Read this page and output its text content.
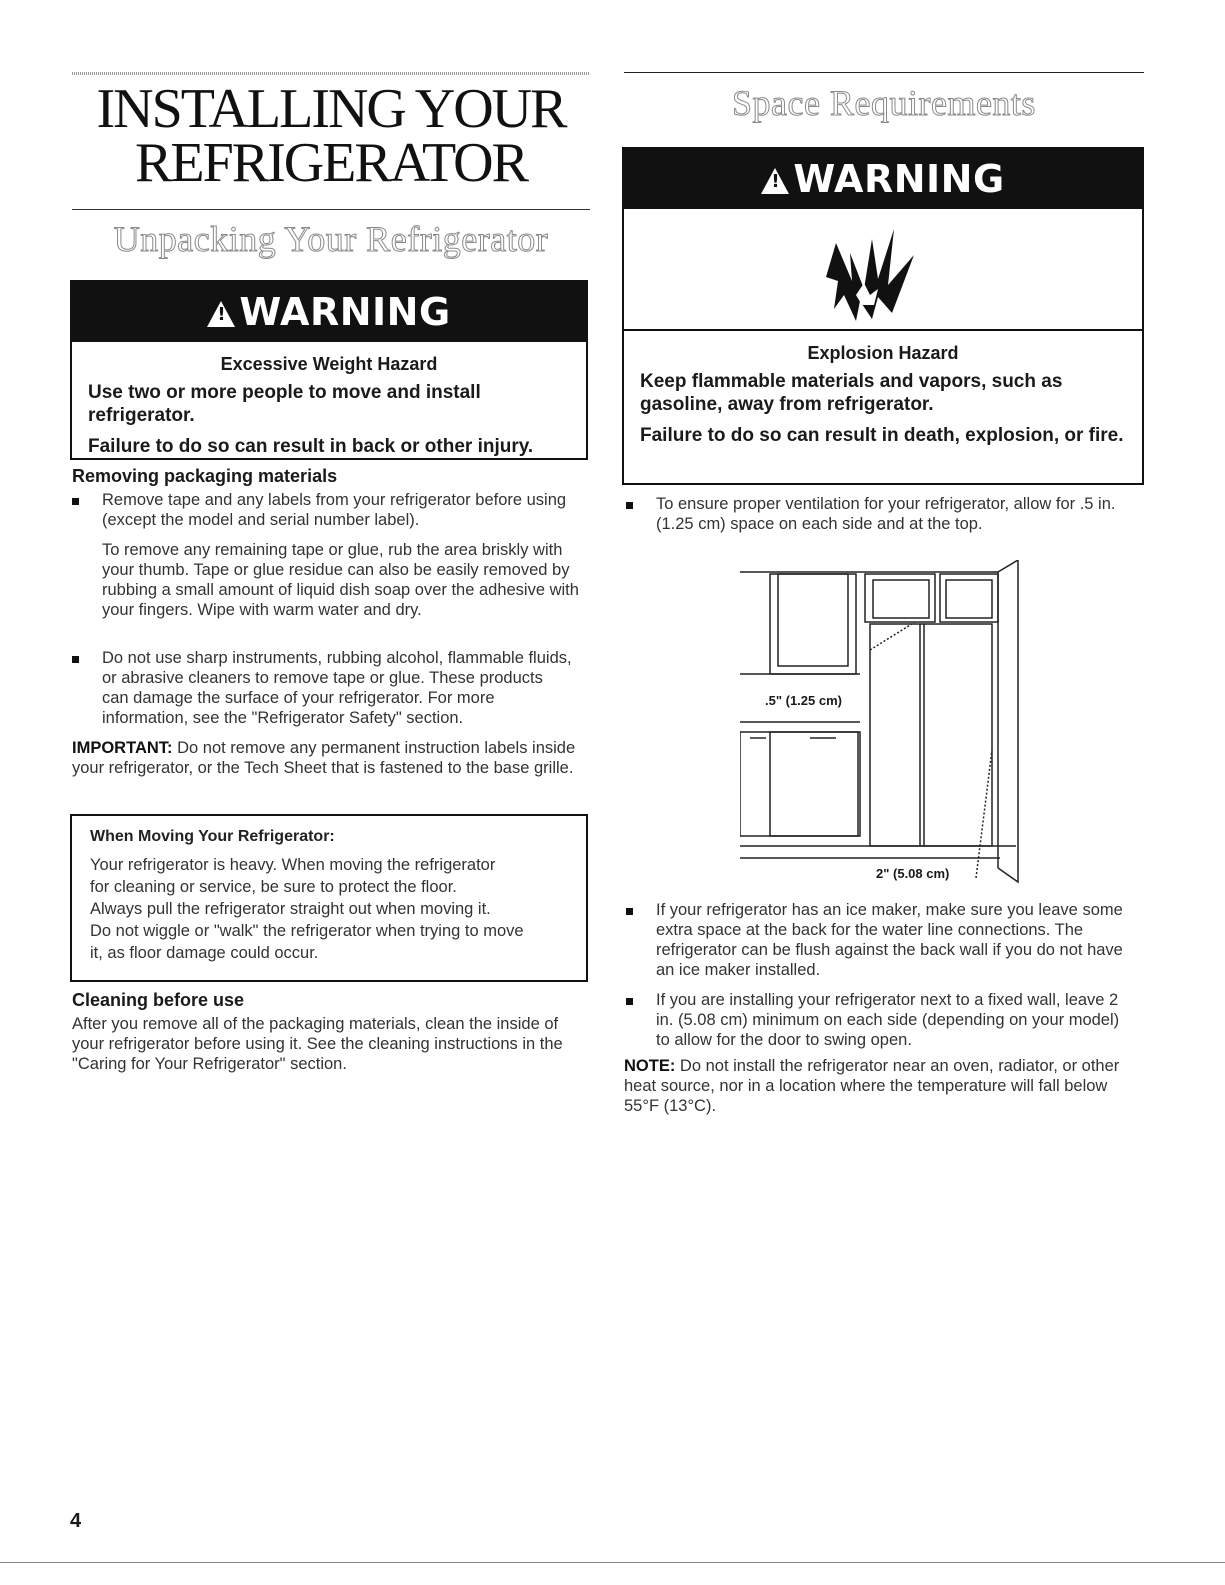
INSTALLING YOUR
REFRIGERATOR
Unpacking Your Refrigerator
Space Requirements
!WARNING
Excessive Weight Hazard
Use two or more people to move and install refrigerator.
Failure to do so can result in back or other injury.
Removing packaging materials

Remove tape and any labels from your refrigerator before using (except the model and serial number label).

To remove any remaining tape or glue, rub the area briskly with your thumb. Tape or glue residue can also be easily removed by rubbing a small amount of liquid dish soap over the adhesive with your fingers. Wipe with warm water and dry.

Do not use sharp instruments, rubbing alcohol, flammable fluids, or abrasive cleaners to remove tape or glue. These products can damage the surface of your refrigerator. For more information, see the "Refrigerator Safety" section.

IMPORTANT: Do not remove any permanent instruction labels inside your refrigerator, or the Tech Sheet that is fastened to the base grille.

When Moving Your Refrigerator:
Your refrigerator is heavy. When moving the refrigerator
for cleaning or service, be sure to protect the floor.
Always pull the refrigerator straight out when moving it.
Do not wiggle or "walk" the refrigerator when trying to move
it, as floor damage could occur.
Cleaning before use

After you remove all of the packaging materials, clean the inside of your refrigerator before using it. See the cleaning instructions in the "Caring for Your Refrigerator" section.

!WARNING
Explosion Hazard
Keep flammable materials and vapors, such as gasoline, away from refrigerator.
Failure to do so can result in death, explosion, or fire.

To ensure proper ventilation for your refrigerator, allow for .5 in. (1.25 cm) space on each side and at the top.

.5" (1.25 cm)
2" (5.08 cm)

If your refrigerator has an ice maker, make sure you leave some extra space at the back for the water line connections. The refrigerator can be flush against the back wall if you do not have an ice maker installed.

If you are installing your refrigerator next to a fixed wall, leave 2 in. (5.08 cm) minimum on each side (depending on your model) to allow for the door to swing open.

NOTE: Do not install the refrigerator near an oven, radiator, or other heat source, nor in a location where the temperature will fall below 55°F (13°C).

4
